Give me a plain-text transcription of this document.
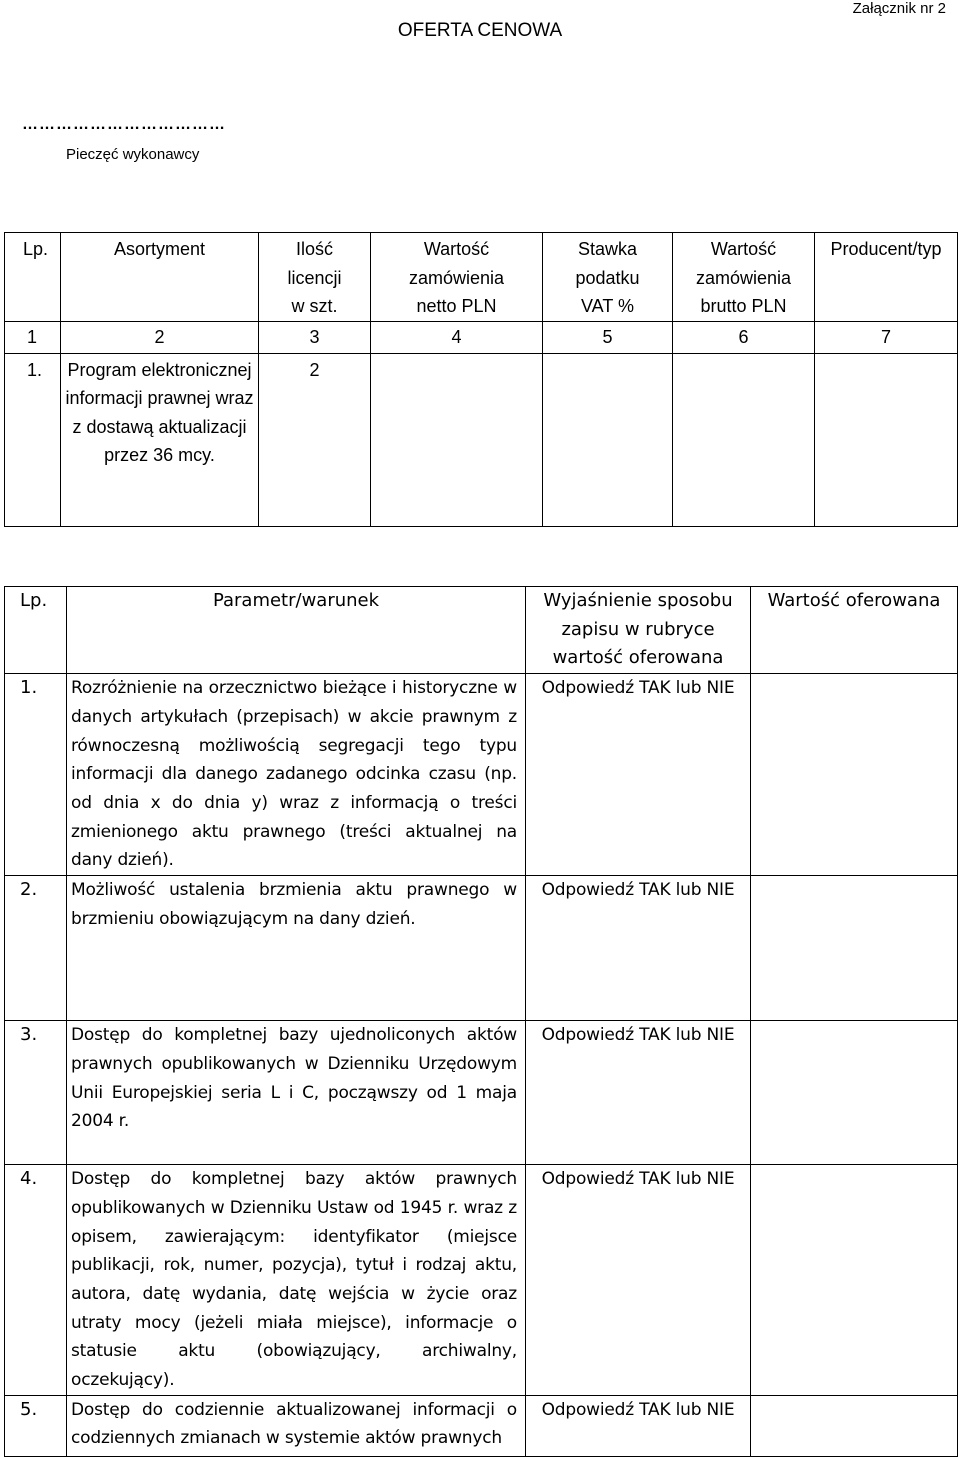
Załącznik nr 2
OFERTA CENOWA
………………………………
Pieczęć wykonawcy
Lp.	Asortyment	Ilość
licencji
w szt.	Wartość
zamówienia
netto PLN	Stawka
podatku
VAT %	Wartość
zamówienia
brutto PLN	Producent/typ
1	2	3	4	5	6	7
1.	Program elektronicznej informacji prawnej wraz z dostawą aktualizacji przez 36 mcy.	2				
Lp.	Parametr/warunek	Wyjaśnienie sposobu
zapisu w rubryce
wartość oferowana	Wartość oferowana
1.	Rozróżnienie na orzecznictwo bieżące i historyczne w danych artykułach (przepisach) w akcie prawnym z równoczesną możliwością segregacji tego typu informacji dla danego zadanego odcinka czasu (np. od dnia x do dnia y) wraz z informacją o treści zmienionego aktu prawnego (treści aktualnej na dany dzień).	Odpowiedź TAK lub NIE	
2.	Możliwość ustalenia brzmienia aktu prawnego w brzmieniu obowiązującym na dany dzień.	Odpowiedź TAK lub NIE	
3.	Dostęp do kompletnej bazy ujednoliconych aktów prawnych opublikowanych w Dzienniku Urzędowym Unii Europejskiej seria L i C, począwszy od 1 maja 2004 r.	Odpowiedź TAK lub NIE	
4.	Dostęp do kompletnej bazy aktów prawnych opublikowanych w Dzienniku Ustaw od 1945 r. wraz z opisem, zawierającym: identyfikator (miejsce publikacji, rok, numer, pozycja), tytuł i rodzaj aktu, autora, datę wydania, datę wejścia w życie oraz utraty mocy (jeżeli miała miejsce), informacje o statusie aktu (obowiązujący, archiwalny, oczekujący).	Odpowiedź TAK lub NIE	
5.	Dostęp do codziennie aktualizowanej informacji o codziennych zmianach w systemie aktów prawnych	Odpowiedź TAK lub NIE	
